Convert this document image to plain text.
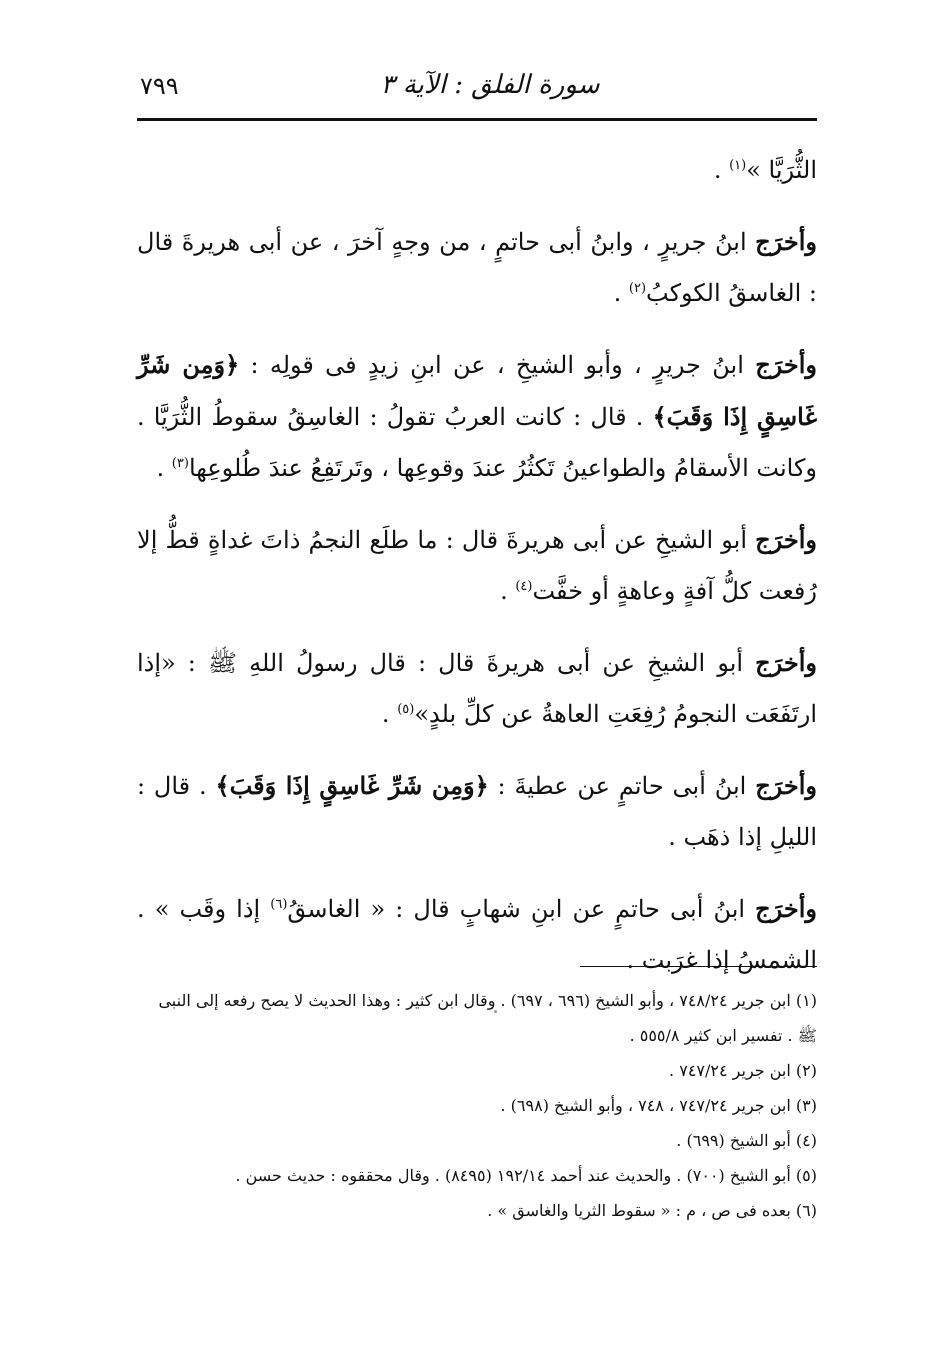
٧٩٩	سورة الفلق : الآية ٣

الثُّرَيَّا »$^{(١)}$ .

وأخرَج ابنُ جريرٍ ، وابنُ أبى حاتمٍ ، من وجهٍ آخرَ ، عن أبى هريرةَ قال : الغاسقُ الكوكبُ$^{(٢)}$ .

وأخرَج ابنُ جريرٍ ، وأبو الشيخِ ، عن ابنِ زيدٍ فى قولِه : ﴿وَمِن شَرِّ غَاسِقٍ إِذَا وَقَبَ﴾ . قال : كانت العربُ تقولُ : الغاسِقُ سقوطُ الثُّرَيَّا . وكانت الأسقامُ والطواعينُ تَكثُرُ عندَ وقوعِها ، وتَرتَفِعُ عندَ طُلوعِها$^{(٣)}$ .

وأخرَج أبو الشيخِ عن أبى هريرةَ قال : ما طلَع النجمُ ذاتَ غداةٍ قطُّ إلا رُفعت كلُّ آفةٍ وعاهةٍ أو خفَّت$^{(٤)}$ .

وأخرَج أبو الشيخِ عن أبى هريرةَ قال : قال رسولُ اللهِ ﷺ : «إذا ارتَفَعَت النجومُ رُفِعَتِ العاهةُ عن كلِّ بلدٍ»$^{(٥)}$ .

وأخرَج ابنُ أبى حاتمٍ عن عطيةَ : ﴿وَمِن شَرِّ غَاسِقٍ إِذَا وَقَبَ﴾ . قال : الليلِ إذا ذهَب .

وأخرَج ابنُ أبى حاتمٍ عن ابنِ شهابٍ قال : « الغاسقُ$^{(٦)}$ إذا وقَب » . الشمسُ إذا غرَبت .

(١) ابن جرير ٧٤٨/٢٤ ، وأبو الشيخ (٦٩٦ ، ٦٩٧) . وقال ابن كثير : وهذا الحديث لا يصح رفعه إلى النبى ﷺ . تفسير ابن كثير ٥٥٥/٨ .

(٢) ابن جرير ٧٤٧/٢٤ .

(٣) ابن جرير ٧٤٧/٢٤ ، ٧٤٨ ، وأبو الشيخ (٦٩٨) .

(٤) أبو الشيخ (٦٩٩) .

(٥) أبو الشيخ (٧٠٠) . والحديث عند أحمد ١٩٢/١٤ (٨٤٩٥) . وقال محققوه : حديث حسن .

(٦) بعده فى ص ، م : « سقوط الثريا والغاسق » .
